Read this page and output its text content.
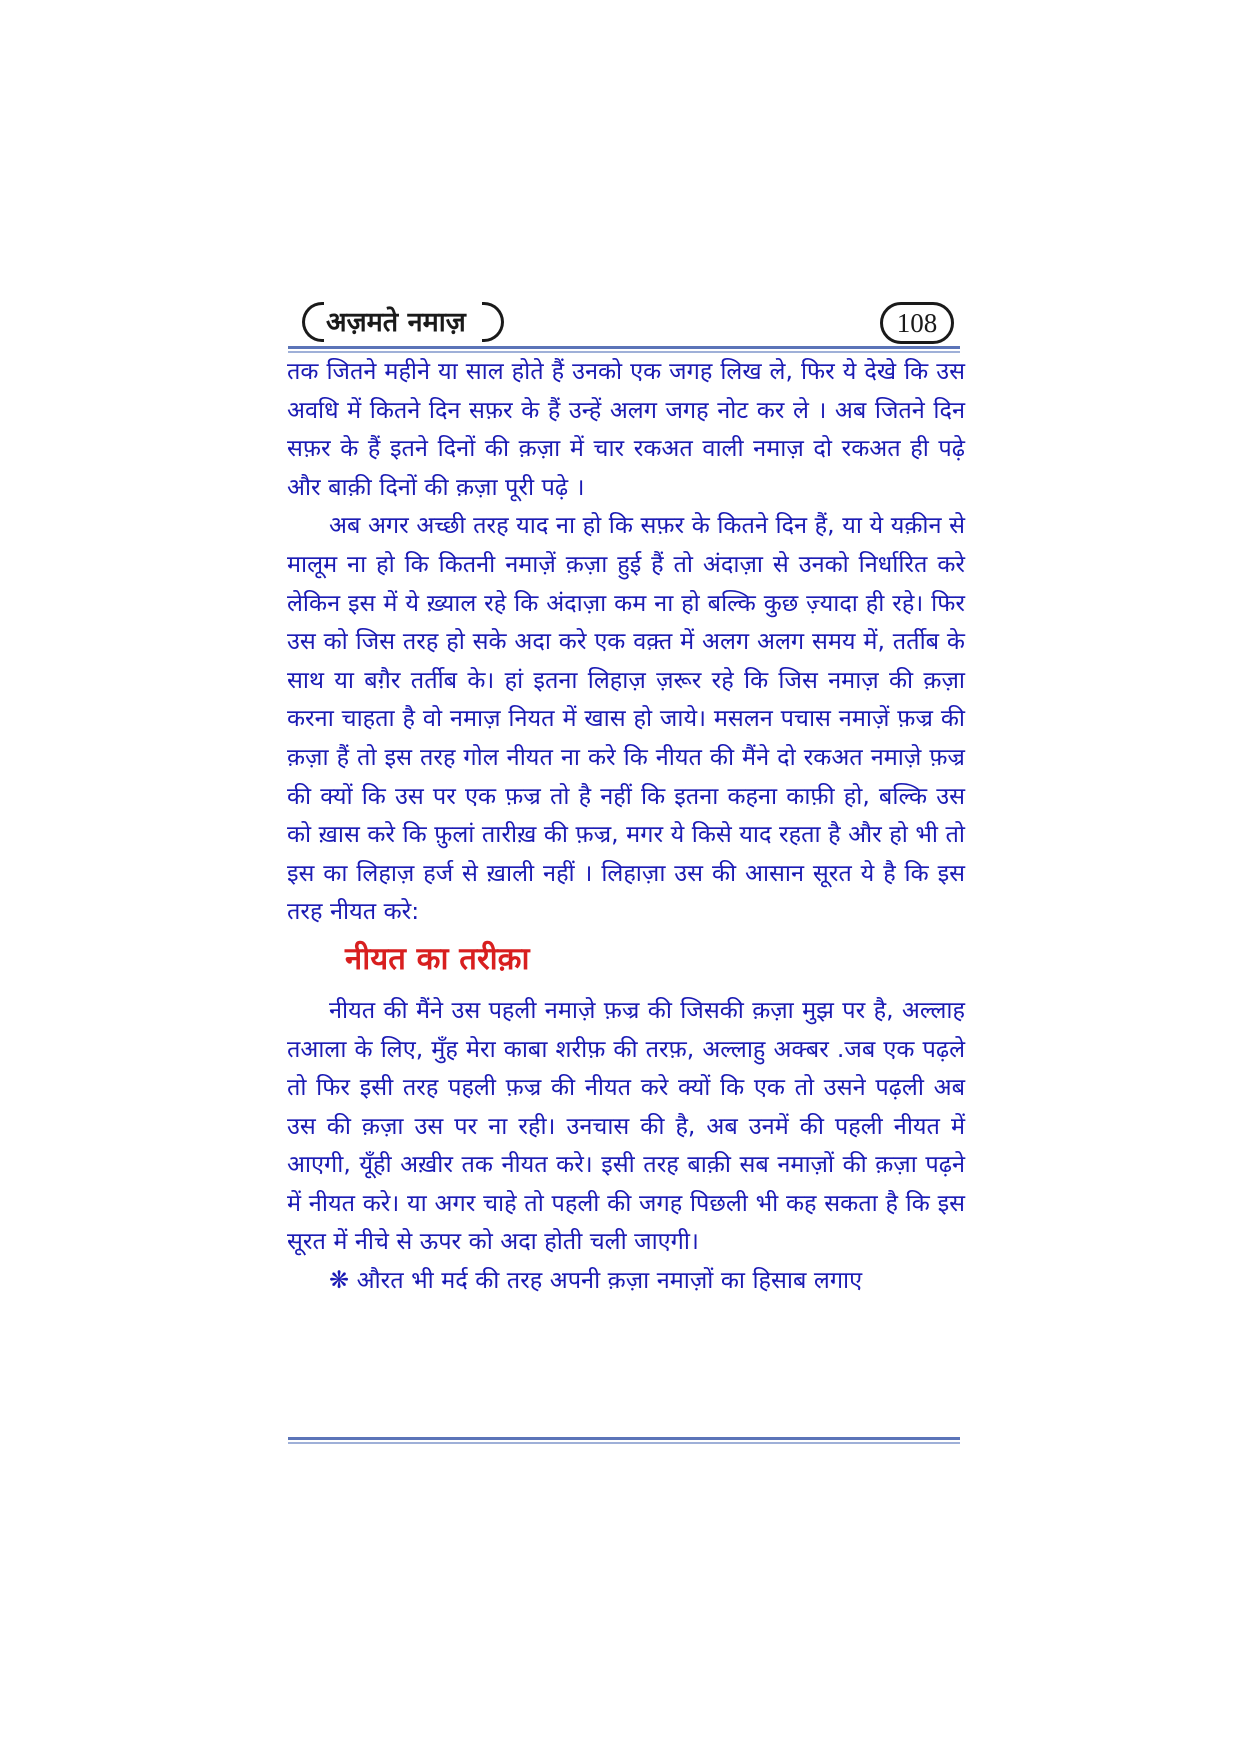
अज़मते नमाज़	108

तक जितने महीने या साल होते हैं उनको एक जगह लिख ले, फिर ये देखे कि उस अवधि में कितने दिन सफ़र के हैं उन्हें अलग जगह नोट कर ले । अब जितने दिन सफ़र के हैं इतने दिनों की क़ज़ा में चार रकअत वाली नमाज़ दो रकअत ही पढ़े और बाक़ी दिनों की क़ज़ा पूरी पढ़े ।

अब अगर अच्छी तरह याद ना हो कि सफ़र के कितने दिन हैं, या ये यक़ीन से मालूम ना हो कि कितनी नमाज़ें क़ज़ा हुई हैं तो अंदाज़ा से उनको निर्धारित करे लेकिन इस में ये ख़्याल रहे कि अंदाज़ा कम ना हो बल्कि कुछ ज़्यादा ही रहे। फिर उस को जिस तरह हो सके अदा करे एक वक़्त में अलग अलग समय में, तर्तीब के साथ या बग़ैर तर्तीब के। हां इतना लिहाज़ ज़रूर रहे कि जिस नमाज़ की क़ज़ा करना चाहता है वो नमाज़ नियत में खास हो जाये। मसलन पचास नमाज़ें फ़ज्र की क़ज़ा हैं तो इस तरह गोल नीयत ना करे कि नीयत की मैंने दो रकअत नमाज़े फ़ज्र की क्यों कि उस पर एक फ़ज्र तो है नहीं कि इतना कहना काफ़ी हो, बल्कि उस को ख़ास करे कि फ़ुलां तारीख़ की फ़ज्र, मगर ये किसे याद रहता है और हो भी तो इस का लिहाज़ हर्ज से ख़ाली नहीं । लिहाज़ा उस की आसान सूरत ये है कि इस तरह नीयत करे:

नीयत का तरीक़ा

नीयत की मैंने उस पहली नमाज़े फ़ज्र की जिसकी क़ज़ा मुझ पर है, अल्लाह तआला के लिए, मुँह मेरा काबा शरीफ़ की तरफ़, अल्लाहु अक्बर .जब एक पढ़ले तो फिर इसी तरह पहली फ़ज्र की नीयत करे क्यों कि एक तो उसने पढ़ली अब उस की क़ज़ा उस पर ना रही। उनचास की है, अब उनमें की पहली नीयत में आएगी, यूँही अख़ीर तक नीयत करे। इसी तरह बाक़ी सब नमाज़ों की क़ज़ा पढ़ने में नीयत करे। या अगर चाहे तो पहली की जगह पिछली भी कह सकता है कि इस सूरत में नीचे से ऊपर को अदा होती चली जाएगी।

❋ औरत भी मर्द की तरह अपनी क़ज़ा नमाज़ों का हिसाब लगाए
